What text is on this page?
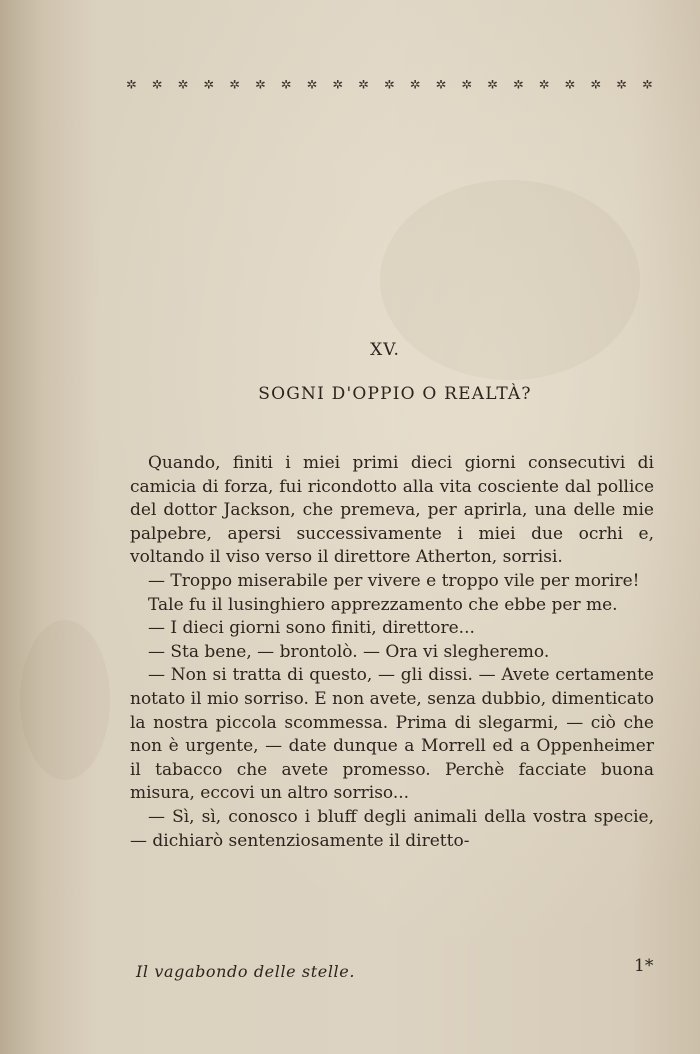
✲ ✲ ✲ ✲ ✲ ✲ ✲ ✲ ✲ ✲ ✲ ✲ ✲ ✲ ✲ ✲ ✲ ✲ ✲ ✲ ✲
XV.
SOGNI D'OPPIO O REALTÀ?

Quando, finiti i miei primi dieci giorni consecutivi di camicia di forza, fui ricondotto alla vita cosciente dal pollice del dottor Jackson, che premeva, per aprirla, una delle mie palpebre, apersi successivamente i miei due ocrhi e, voltando il viso verso il direttore Atherton, sorrisi.

— Troppo miserabile per vivere e troppo vile per morire!

Tale fu il lusinghiero apprezzamento che ebbe per me.

— I dieci giorni sono finiti, direttore...

— Sta bene, — brontolò. — Ora vi slegheremo.

— Non si tratta di questo, — gli dissi. — Avete certamente notato il mio sorriso. E non avete, senza dubbio, dimenticato la nostra piccola scommessa. Prima di slegarmi, — ciò che non è urgente, — date dunque a Morrell ed a Oppenheimer il tabacco che avete promesso. Perchè facciate buona misura, eccovi un altro sorriso...

— Sì, sì, conosco i bluff degli animali della vostra specie, — dichiarò sentenziosamente il diretto-

Il vagabondo delle stelle.	1*
